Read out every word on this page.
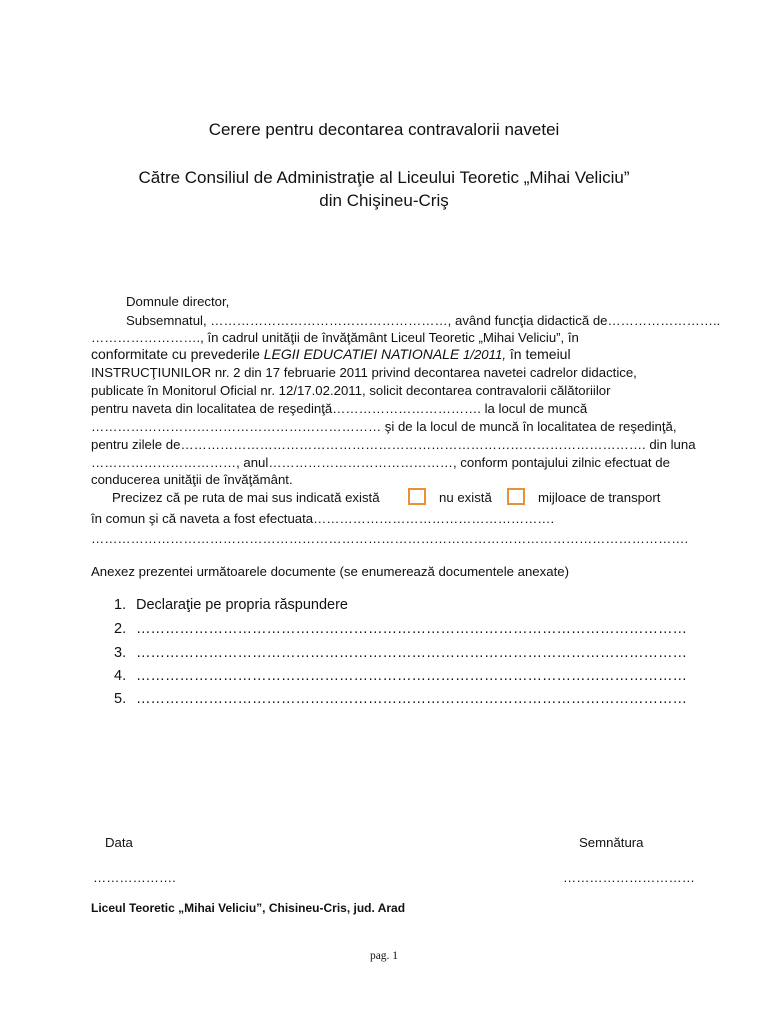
Cerere pentru decontarea contravalorii navetei
Către Consiliul de Administraţie al Liceului Teoretic „Mihai Veliciu”
din Chişineu-Criş
Domnule director,
Subsemnatul, ………………………………………………, având funcţia didactică de……………………..
……………………., în cadrul unităţii de învăţământ Liceul Teoretic „Mihai Veliciu”, în
conformitate cu prevederile LEGII EDUCATIEI NATIONALE 1/2011, în temeiul
INSTRUCŢIUNILOR nr. 2 din 17 februarie 2011 privind decontarea navetei cadrelor didactice,
publicate în Monitorul Oficial nr. 12/17.02.2011, solicit decontarea contravalorii călătoriilor
pentru naveta din localitatea de reşedinţă……………………………. la locul de muncă
………………………………………………………… şi de la locul de muncă în localitatea de reşedinţă,
pentru zilele de……………………………………………………………………………………………. din luna
……………………………, anul……………………………………, conform pontajului zilnic efectuat de
conducerea unităţii de învăţământ.
Precizez că pe ruta de mai sus indicată există	nu există	mijloace de transport
în comun şi că naveta a fost efectuata……………………………………………….
……………………………………………………………………………………………………………………….
Anexez prezentei următoarele documente (se enumerează documentele anexate)
1. Declaraţie pe propria răspundere
2. ……………………………………………………………………………………………………
3. ……………………………………………………………………………………………………
4. ……………………………………………………………………………………………………
5. ……………………………………………………………………………………………………
Data
……………….
Semnătura
…………………………
Liceul Teoretic „Mihai Veliciu”, Chisineu-Cris, jud. Arad
pag. 1
